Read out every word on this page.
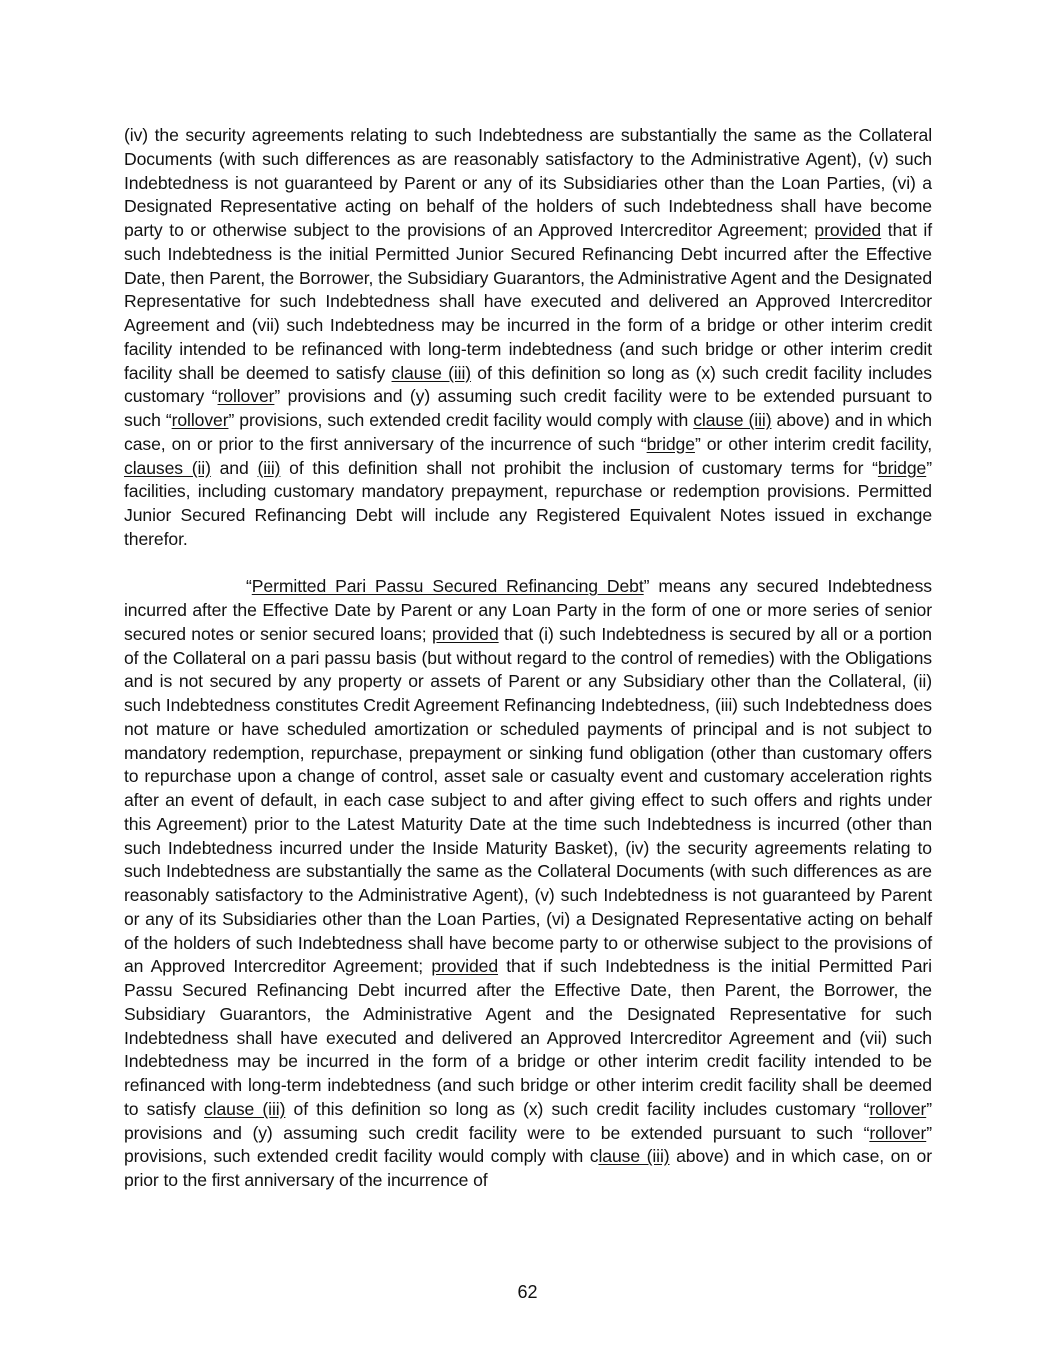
(iv) the security agreements relating to such Indebtedness are substantially the same as the Collateral Documents (with such differences as are reasonably satisfactory to the Administrative Agent), (v) such Indebtedness is not guaranteed by Parent or any of its Subsidiaries other than the Loan Parties, (vi) a Designated Representative acting on behalf of the holders of such Indebtedness shall have become party to or otherwise subject to the provisions of an Approved Intercreditor Agreement; provided that if such Indebtedness is the initial Permitted Junior Secured Refinancing Debt incurred after the Effective Date, then Parent, the Borrower, the Subsidiary Guarantors, the Administrative Agent and the Designated Representative for such Indebtedness shall have executed and delivered an Approved Intercreditor Agreement and (vii) such Indebtedness may be incurred in the form of a bridge or other interim credit facility intended to be refinanced with long-term indebtedness (and such bridge or other interim credit facility shall be deemed to satisfy clause (iii) of this definition so long as (x) such credit facility includes customary “rollover” provisions and (y) assuming such credit facility were to be extended pursuant to such “rollover” provisions, such extended credit facility would comply with clause (iii) above) and in which case, on or prior to the first anniversary of the incurrence of such “bridge” or other interim credit facility, clauses (ii) and (iii) of this definition shall not prohibit the inclusion of customary terms for “bridge” facilities, including customary mandatory prepayment, repurchase or redemption provisions. Permitted Junior Secured Refinancing Debt will include any Registered Equivalent Notes issued in exchange therefor.

“Permitted Pari Passu Secured Refinancing Debt” means any secured Indebtedness incurred after the Effective Date by Parent or any Loan Party in the form of one or more series of senior secured notes or senior secured loans; provided that (i) such Indebtedness is secured by all or a portion of the Collateral on a pari passu basis (but without regard to the control of remedies) with the Obligations and is not secured by any property or assets of Parent or any Subsidiary other than the Collateral, (ii) such Indebtedness constitutes Credit Agreement Refinancing Indebtedness, (iii) such Indebtedness does not mature or have scheduled amortization or scheduled payments of principal and is not subject to mandatory redemption, repurchase, prepayment or sinking fund obligation (other than customary offers to repurchase upon a change of control, asset sale or casualty event and customary acceleration rights after an event of default, in each case subject to and after giving effect to such offers and rights under this Agreement) prior to the Latest Maturity Date at the time such Indebtedness is incurred (other than such Indebtedness incurred under the Inside Maturity Basket), (iv) the security agreements relating to such Indebtedness are substantially the same as the Collateral Documents (with such differences as are reasonably satisfactory to the Administrative Agent), (v) such Indebtedness is not guaranteed by Parent or any of its Subsidiaries other than the Loan Parties, (vi) a Designated Representative acting on behalf of the holders of such Indebtedness shall have become party to or otherwise subject to the provisions of an Approved Intercreditor Agreement; provided that if such Indebtedness is the initial Permitted Pari Passu Secured Refinancing Debt incurred after the Effective Date, then Parent, the Borrower, the Subsidiary Guarantors, the Administrative Agent and the Designated Representative for such Indebtedness shall have executed and delivered an Approved Intercreditor Agreement and (vii) such Indebtedness may be incurred in the form of a bridge or other interim credit facility intended to be refinanced with long-term indebtedness (and such bridge or other interim credit facility shall be deemed to satisfy clause (iii) of this definition so long as (x) such credit facility includes customary “rollover” provisions and (y) assuming such credit facility were to be extended pursuant to such “rollover” provisions, such extended credit facility would comply with clause (iii) above) and in which case, on or prior to the first anniversary of the incurrence of

62
